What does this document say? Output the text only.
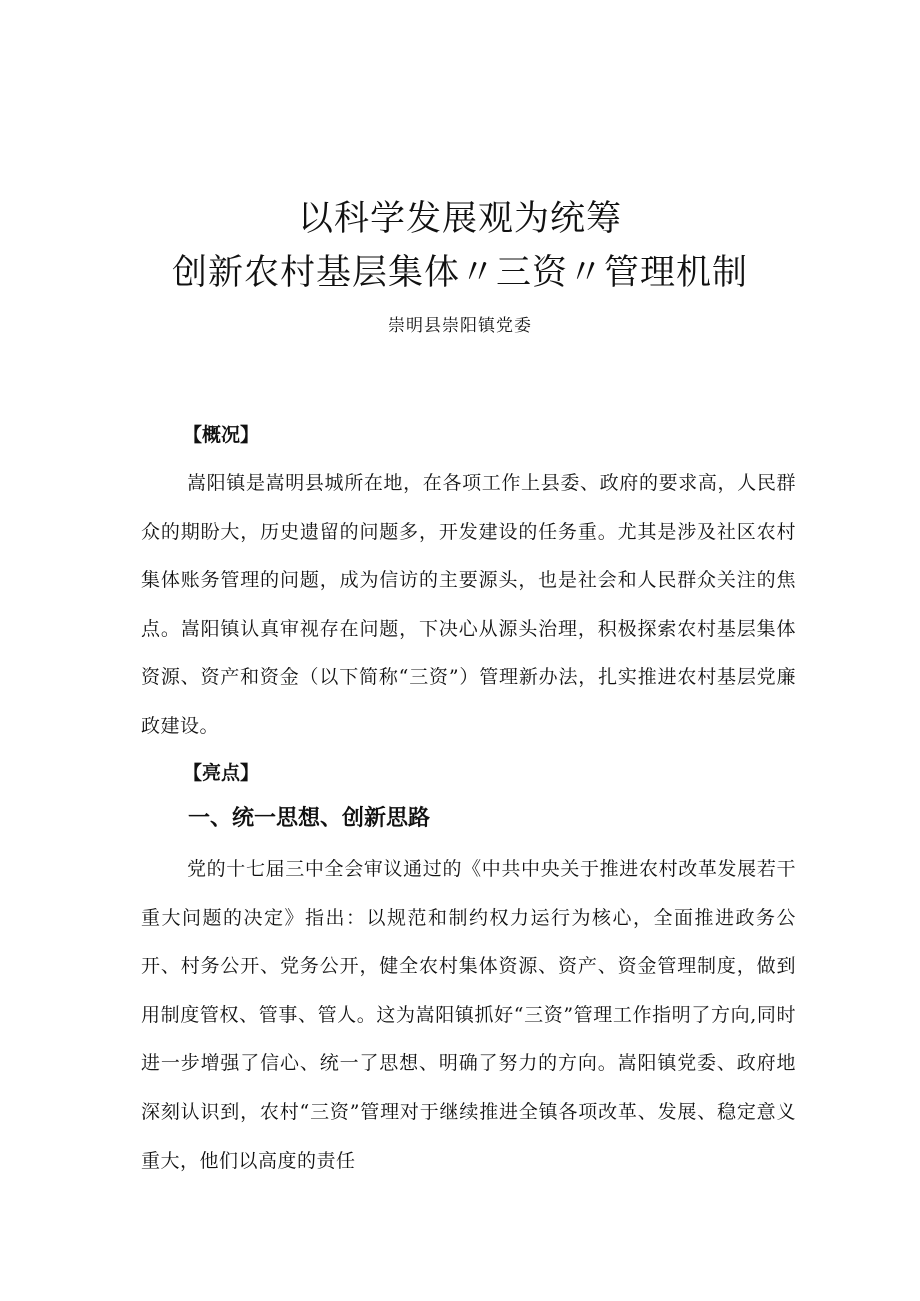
以科学发展观为统筹
创新农村基层集体〃三资〃管理机制
崇明县崇阳镇党委
【概况】

嵩阳镇是嵩明县城所在地，在各项工作上县委、政府的要求高，人民群众的期盼大，历史遗留的问题多，开发建设的任务重。尤其是涉及社区农村集体账务管理的问题，成为信访的主要源头，也是社会和人民群众关注的焦点。嵩阳镇认真审视存在问题，下决心从源头治理，积极探索农村基层集体资源、资产和资金（以下简称“三资”）管理新办法，扎实推进农村基层党廉政建设。

【亮点】
一、统一思想、创新思路

党的十七届三中全会审议通过的《中共中央关于推进农村改革发展若干重大问题的决定》指出：以规范和制约权力运行为核心，全面推进政务公开、村务公开、党务公开，健全农村集体资源、资产、资金管理制度，做到用制度管权、管事、管人。这为嵩阳镇抓好“三资”管理工作指明了方向,同时进一步增强了信心、统一了思想、明确了努力的方向。嵩阳镇党委、政府地深刻认识到，农村“三资”管理对于继续推进全镇各项改革、发展、稳定意义重大，他们以高度的责任
